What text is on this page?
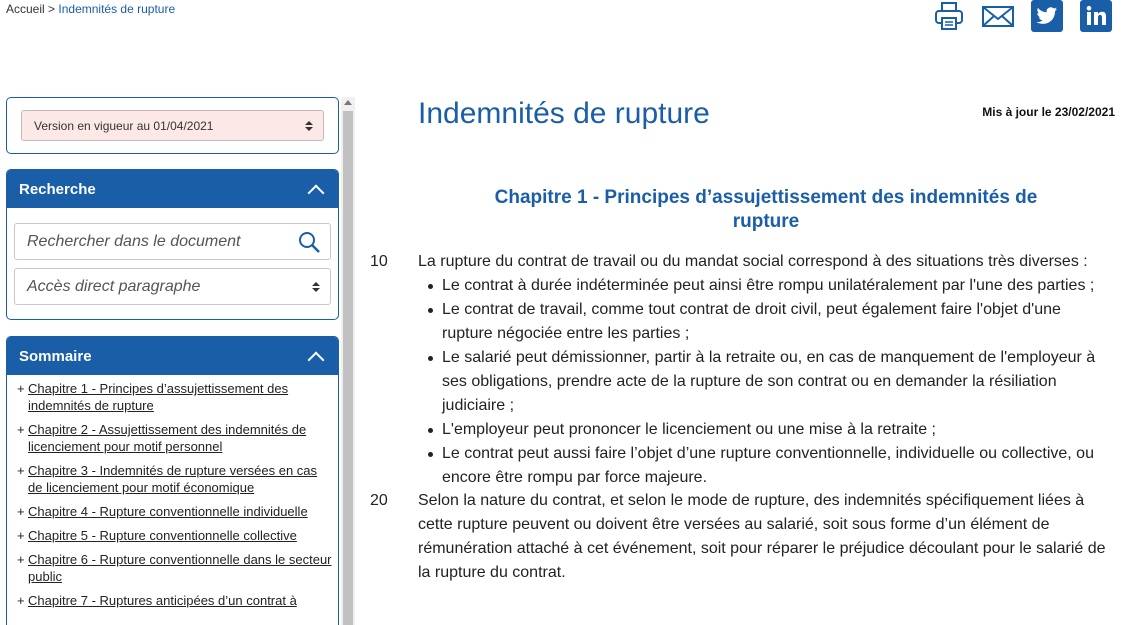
Accueil > Indemnités de rupture
Version en vigueur au 01/04/2021
Recherche
Rechercher dans le document
Accès direct paragraphe
Sommaire
+ Chapitre 1 - Principes d’assujettissement des indemnités de rupture
+ Chapitre 2 - Assujettissement des indemnités de licenciement pour motif personnel
+ Chapitre 3 - Indemnités de rupture versées en cas de licenciement pour motif économique
+ Chapitre 4 - Rupture conventionnelle individuelle
+ Chapitre 5 - Rupture conventionnelle collective
+ Chapitre 6 - Rupture conventionnelle dans le secteur public
+ Chapitre 7 - Ruptures anticipées d’un contrat à
Indemnités de rupture	Mis à jour le 23/02/2021
Chapitre 1 - Principes d’assujettissement des indemnités de rupture
10 La rupture du contrat de travail ou du mandat social correspond à des situations très diverses :
Le contrat à durée indéterminée peut ainsi être rompu unilatéralement par l'une des parties ;
Le contrat de travail, comme tout contrat de droit civil, peut également faire l'objet d'une rupture négociée entre les parties ;
Le salarié peut démissionner, partir à la retraite ou, en cas de manquement de l'employeur à ses obligations, prendre acte de la rupture de son contrat ou en demander la résiliation judiciaire ;
L'employeur peut prononcer le licenciement ou une mise à la retraite ;
Le contrat peut aussi faire l’objet d’une rupture conventionnelle, individuelle ou collective, ou encore être rompu par force majeure.
20 Selon la nature du contrat, et selon le mode de rupture, des indemnités spécifiquement liées à cette rupture peuvent ou doivent être versées au salarié, soit sous forme d’un élément de rémunération attaché à cet événement, soit pour réparer le préjudice découlant pour le salarié de la rupture du contrat.
